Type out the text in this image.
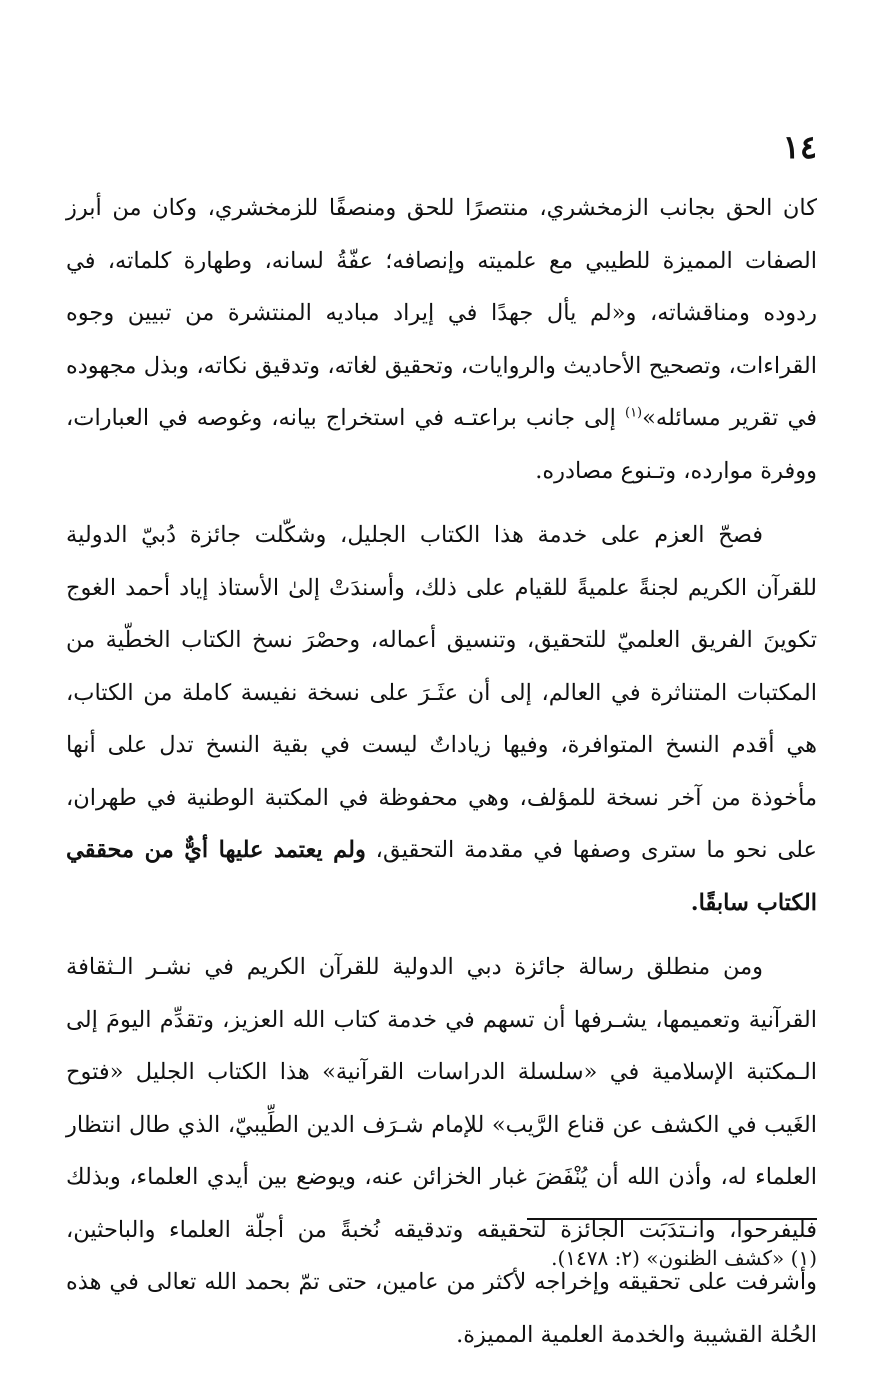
١٤

كان الحق بجانب الزمخشري، منتصرًا للحق ومنصفًا للزمخشري، وكان من أبرز الصفات المميزة للطيبي مع علميته وإنصافه؛ عفّةُ لسانه، وطهارة كلماته، في ردوده ومناقشاته، و«لم يأل جهدًا في إيراد مباديه المنتشرة من تبيين وجوه القراءات، وتصحيح الأحاديث والروايات، وتحقيق لغاته، وتدقيق نكاته، وبذل مجهوده في تقرير مسائله»$^{(١)}$ إلى جانب براعتـه في استخراج بيانه، وغوصه في العبارات، ووفرة موارده، وتـنوع مصادره.

فصحّ العزم على خدمة هذا الكتاب الجليل، وشكّلت جائزة دُبيّ الدولية للقرآن الكريم لجنةً علميةً للقيام على ذلك، وأسندَتْ إلىٰ الأستاذ إياد أحمد الغوج تكوينَ الفريق العلميّ للتحقيق، وتنسيق أعماله، وحصْرَ نسخ الكتاب الخطّية من المكتبات المتناثرة في العالم، إلى أن عثَـرَ على نسخة نفيسة كاملة من الكتاب، هي أقدم النسخ المتوافرة، وفيها زياداتٌ ليست في بقية النسخ تدل على أنها مأخوذة من آخر نسخة للمؤلف، وهي محفوظة في المكتبة الوطنية في طهران، على نحو ما سترى وصفها في مقدمة التحقيق، ولم يعتمد عليها أيٌّ من محققي الكتاب سابقًا.

ومن منطلق رسالة جائزة دبي الدولية للقرآن الكريم في نشـر الـثقافة القرآنية وتعميمها، يشـرفها أن تسهم في خدمة كتاب الله العزيز، وتقدِّم اليومَ إلى الـمكتبة الإسلامية في «سلسلة الدراسات القرآنية» هذا الكتاب الجليل «فتوح الغَيب في الكشف عن قناع الرَّيب» للإمام شـرَف الدين الطِّيبيّ، الذي طال انتظار العلماء له، وأذن الله أن يُنْفَضَ غبار الخزائن عنه، ويوضع بين أيدي العلماء، وبذلك فليفرحوا، وانـتدَبَت الجائزة لتحقيقه وتدقيقه نُخبةً من أجلّة العلماء والباحثين، وأشرفت على تحقيقه وإخراجه لأكثر من عامين، حتى تمّ بحمد الله تعالى في هذه الحُلة القشيبة والخدمة العلمية المميزة.

(١) «كشف الظنون» (٢: ١٤٧٨).
